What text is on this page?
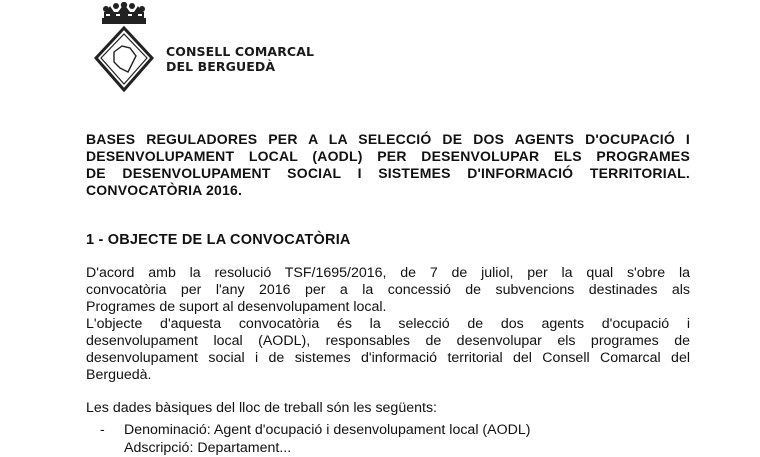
CONSELL COMARCAL
DEL BERGUEDÀ
BASES REGULADORES PER A LA SELECCIÓ DE DOS AGENTS D'OCUPACIÓ I
DESENVOLUPAMENT LOCAL (AODL) PER DESENVOLUPAR ELS PROGRAMES
DE DESENVOLUPAMENT SOCIAL I SISTEMES D'INFORMACIÓ TERRITORIAL.
CONVOCATÒRIA 2016.
1 - OBJECTE DE LA CONVOCATÒRIA
D'acord amb la resolució TSF/1695/2016, de 7 de juliol, per la qual s'obre la
convocatòria per l'any 2016 per a la concessió de subvencions destinades als
Programes de suport al desenvolupament local.
L'objecte d'aquesta convocatòria és la selecció de dos agents d'ocupació i
desenvolupament local (AODL), responsables de desenvolupar els programes de
desenvolupament social i de sistemes d'informació territorial del Consell Comarcal del
Berguedà.
Les dades bàsiques del lloc de treball són les següents:
- Denominació: Agent d'ocupació i desenvolupament local (AODL)
Adscripció: Departament...
